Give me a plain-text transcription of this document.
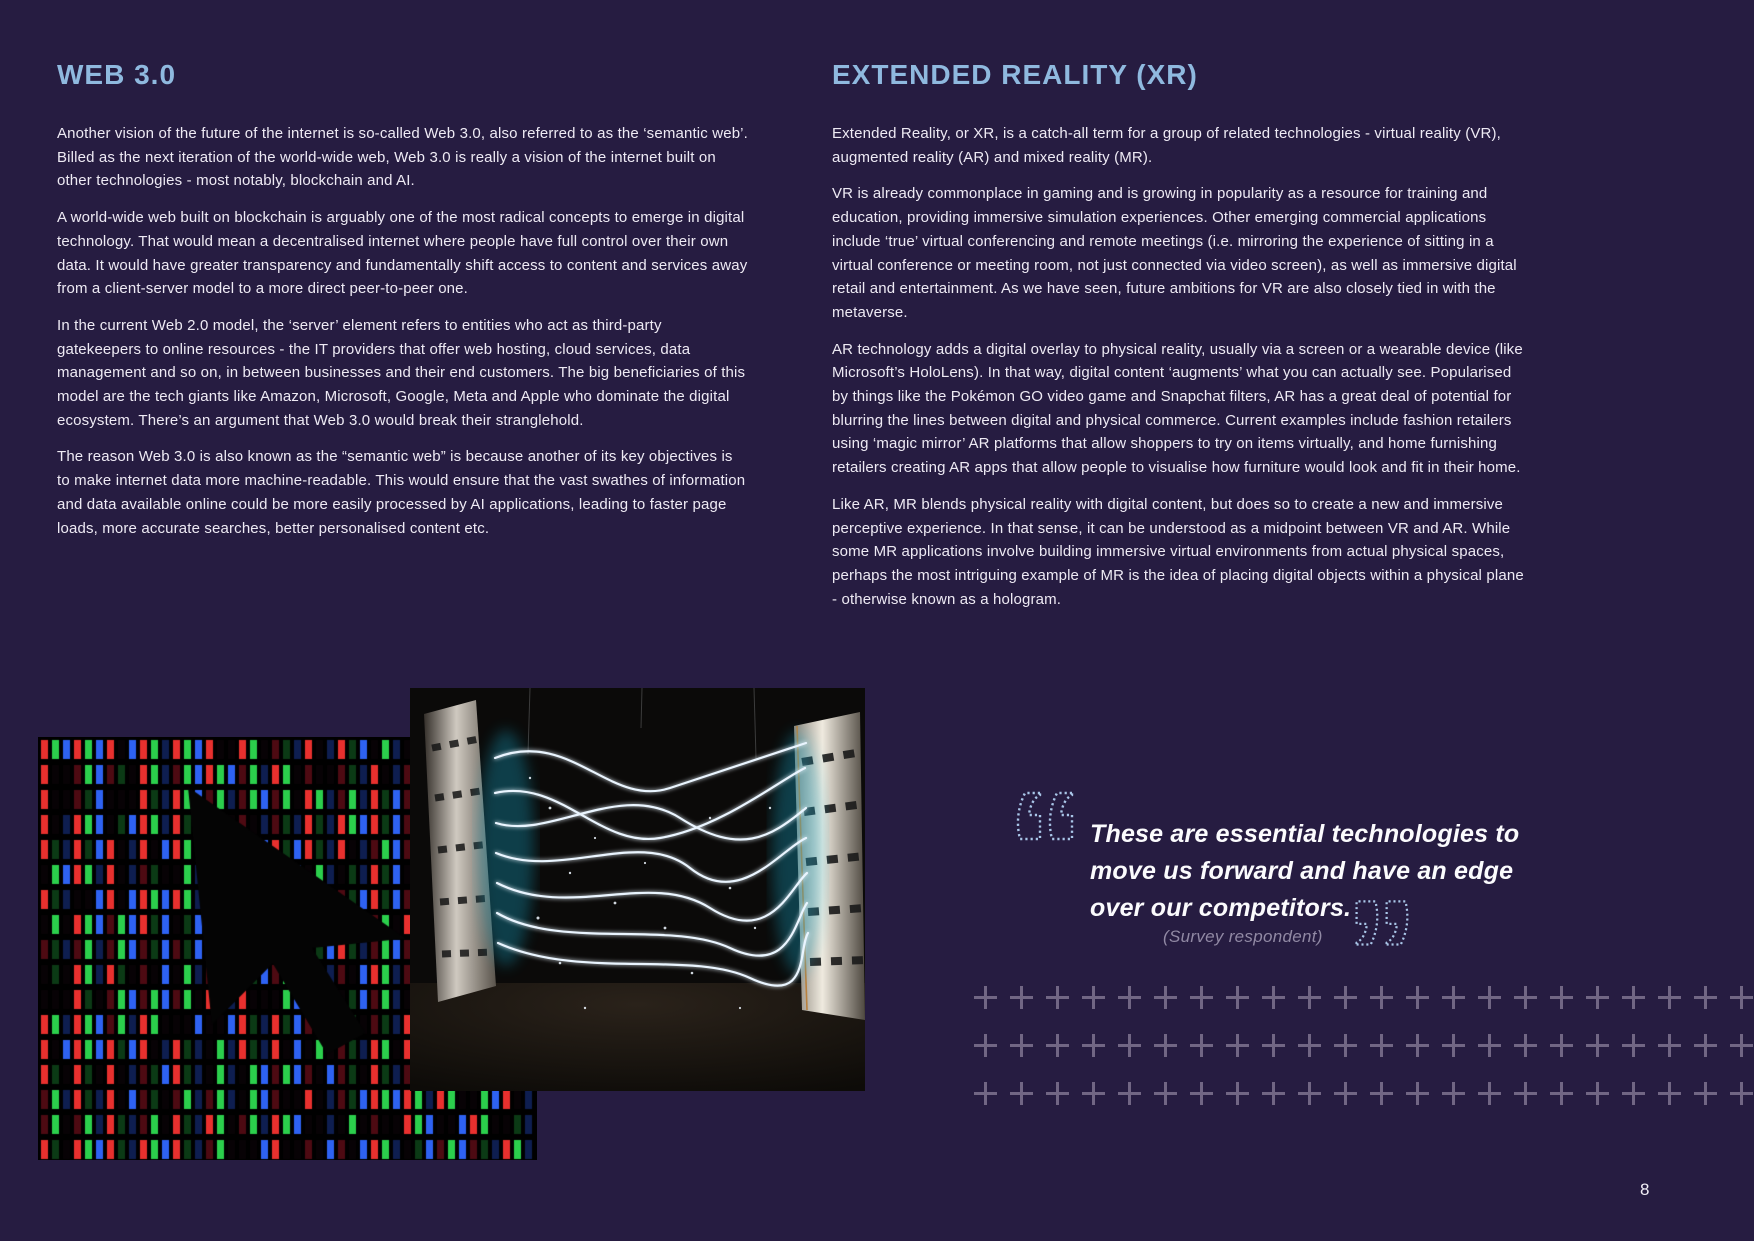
WEB 3.0

Another vision of the future of the internet is so-called Web 3.0, also referred to as the ‘semantic web’. Billed as the next iteration of the world-wide web, Web 3.0 is really a vision of the internet built on other technologies - most notably, blockchain and AI.

A world-wide web built on blockchain is arguably one of the most radical concepts to emerge in digital technology. That would mean a decentralised internet where people have full control over their own data. It would have greater transparency and fundamentally shift access to content and services away from a client-server model to a more direct peer-to-peer one.

In the current Web 2.0 model, the ‘server’ element refers to entities who act as third-party gatekeepers to online resources - the IT providers that offer web hosting, cloud services, data management and so on, in between businesses and their end customers. The big beneficiaries of this model are the tech giants like Amazon, Microsoft, Google, Meta and Apple who dominate the digital ecosystem. There’s an argument that Web 3.0 would break their stranglehold.

The reason Web 3.0 is also known as the “semantic web” is because another of its key objectives is to make internet data more machine-readable. This would ensure that the vast swathes of information and data available online could be more easily processed by AI applications, leading to faster page loads, more accurate searches, better personalised content etc.

EXTENDED REALITY (XR)

Extended Reality, or XR, is a catch-all term for a group of related technologies - virtual reality (VR), augmented reality (AR) and mixed reality (MR).

VR is already commonplace in gaming and is growing in popularity as a resource for training and education, providing immersive simulation experiences. Other emerging commercial applications include ‘true’ virtual conferencing and remote meetings (i.e. mirroring the experience of sitting in a virtual conference or meeting room, not just connected via video screen), as well as immersive digital retail and entertainment. As we have seen, future ambitions for VR are also closely tied in with the metaverse.

AR technology adds a digital overlay to physical reality, usually via a screen or a wearable device (like Microsoft’s HoloLens). In that way, digital content ‘augments’ what you can actually see. Popularised by things like the Pokémon GO video game and Snapchat filters, AR has a great deal of potential for blurring the lines between digital and physical commerce. Current examples include fashion retailers using ‘magic mirror’ AR platforms that allow shoppers to try on items virtually, and home furnishing retailers creating AR apps that allow people to visualise how furniture would look and fit in their home.

Like AR, MR blends physical reality with digital content, but does so to create a new and immersive perceptive experience. In that sense, it can be understood as a midpoint between VR and AR. While some MR applications involve building immersive virtual environments from actual physical spaces, perhaps the most intriguing example of MR is the idea of placing digital objects within a physical plane - otherwise known as a hologram.

These are essential technologies to
move us forward and have an edge
over our competitors.
(Survey respondent)
8
